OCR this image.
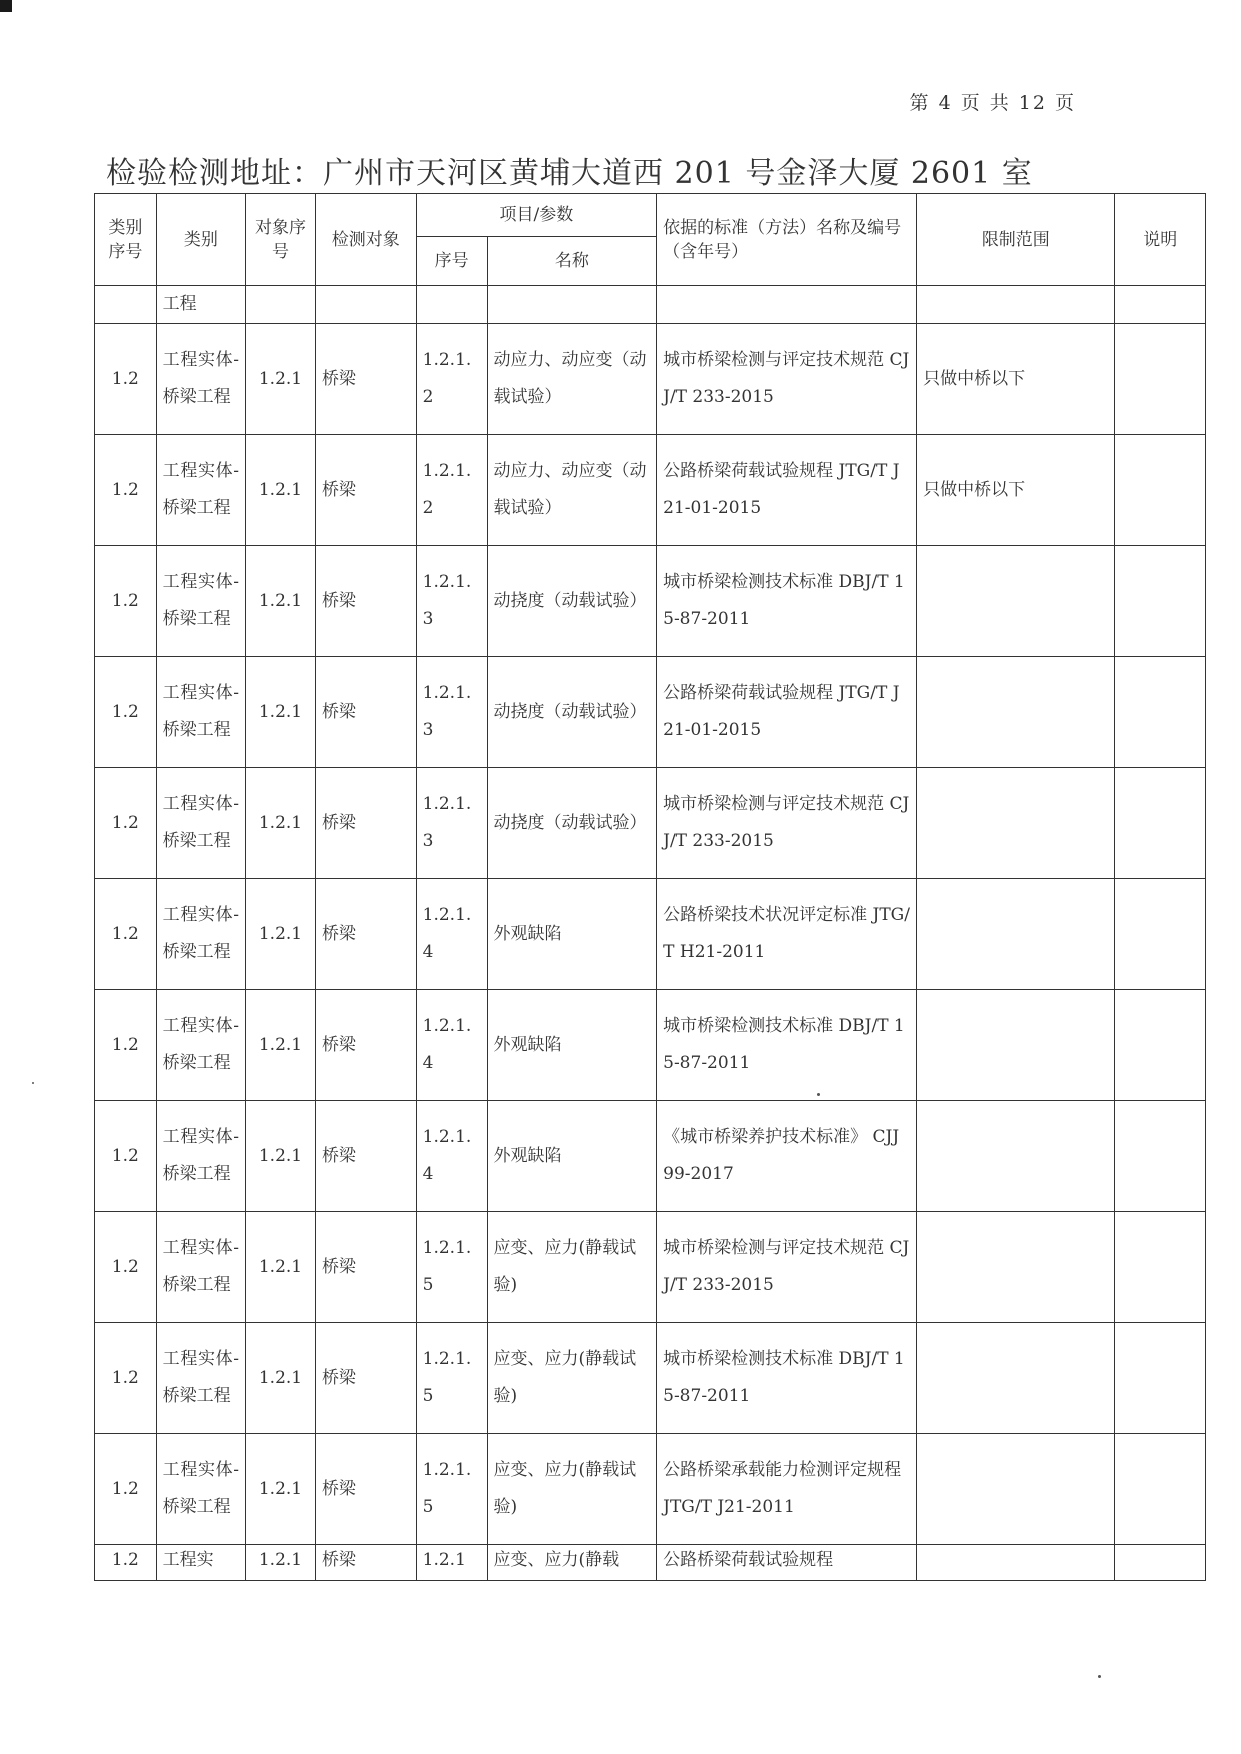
第 4 页 共 12 页
检验检测地址：广州市天河区黄埔大道西 201 号金泽大厦 2601 室
类别序号	类别	对象序号	检测对象	项目/参数		依据的标准（方法）名称及编号（含年号）	限制范围	说明
				序号	名称			
	工程							
1.2	工程实体-桥梁工程	1.2.1	桥梁	1.2.1.2	动应力、动应变（动载试验）	城市桥梁检测与评定技术规范 CJJ/T 233-2015	只做中桥以下	
1.2	工程实体-桥梁工程	1.2.1	桥梁	1.2.1.2	动应力、动应变（动载试验）	公路桥梁荷载试验规程 JTG/T J21-01-2015	只做中桥以下	
1.2	工程实体-桥梁工程	1.2.1	桥梁	1.2.1.3	动挠度（动载试验）	城市桥梁检测技术标准 DBJ/T 15-87-2011		
1.2	工程实体-桥梁工程	1.2.1	桥梁	1.2.1.3	动挠度（动载试验）	公路桥梁荷载试验规程 JTG/T J21-01-2015		
1.2	工程实体-桥梁工程	1.2.1	桥梁	1.2.1.3	动挠度（动载试验）	城市桥梁检测与评定技术规范 CJJ/T 233-2015		
1.2	工程实体-桥梁工程	1.2.1	桥梁	1.2.1.4	外观缺陷	公路桥梁技术状况评定标准 JTG/T H21-2011		
1.2	工程实体-桥梁工程	1.2.1	桥梁	1.2.1.4	外观缺陷	城市桥梁检测技术标准 DBJ/T 15-87-2011		
1.2	工程实体-桥梁工程	1.2.1	桥梁	1.2.1.4	外观缺陷	《城市桥梁养护技术标准》 CJJ 99-2017		
1.2	工程实体-桥梁工程	1.2.1	桥梁	1.2.1.5	应变、应力(静载试验)	城市桥梁检测与评定技术规范 CJJ/T 233-2015		
1.2	工程实体-桥梁工程	1.2.1	桥梁	1.2.1.5	应变、应力(静载试验)	城市桥梁检测技术标准 DBJ/T 15-87-2011		
1.2	工程实体-桥梁工程	1.2.1	桥梁	1.2.1.5	应变、应力(静载试验)	公路桥梁承载能力检测评定规程 JTG/T J21-2011		
1.2	工程实	1.2.1	桥梁	1.2.1	应变、应力(静载	公路桥梁荷载试验规程		
